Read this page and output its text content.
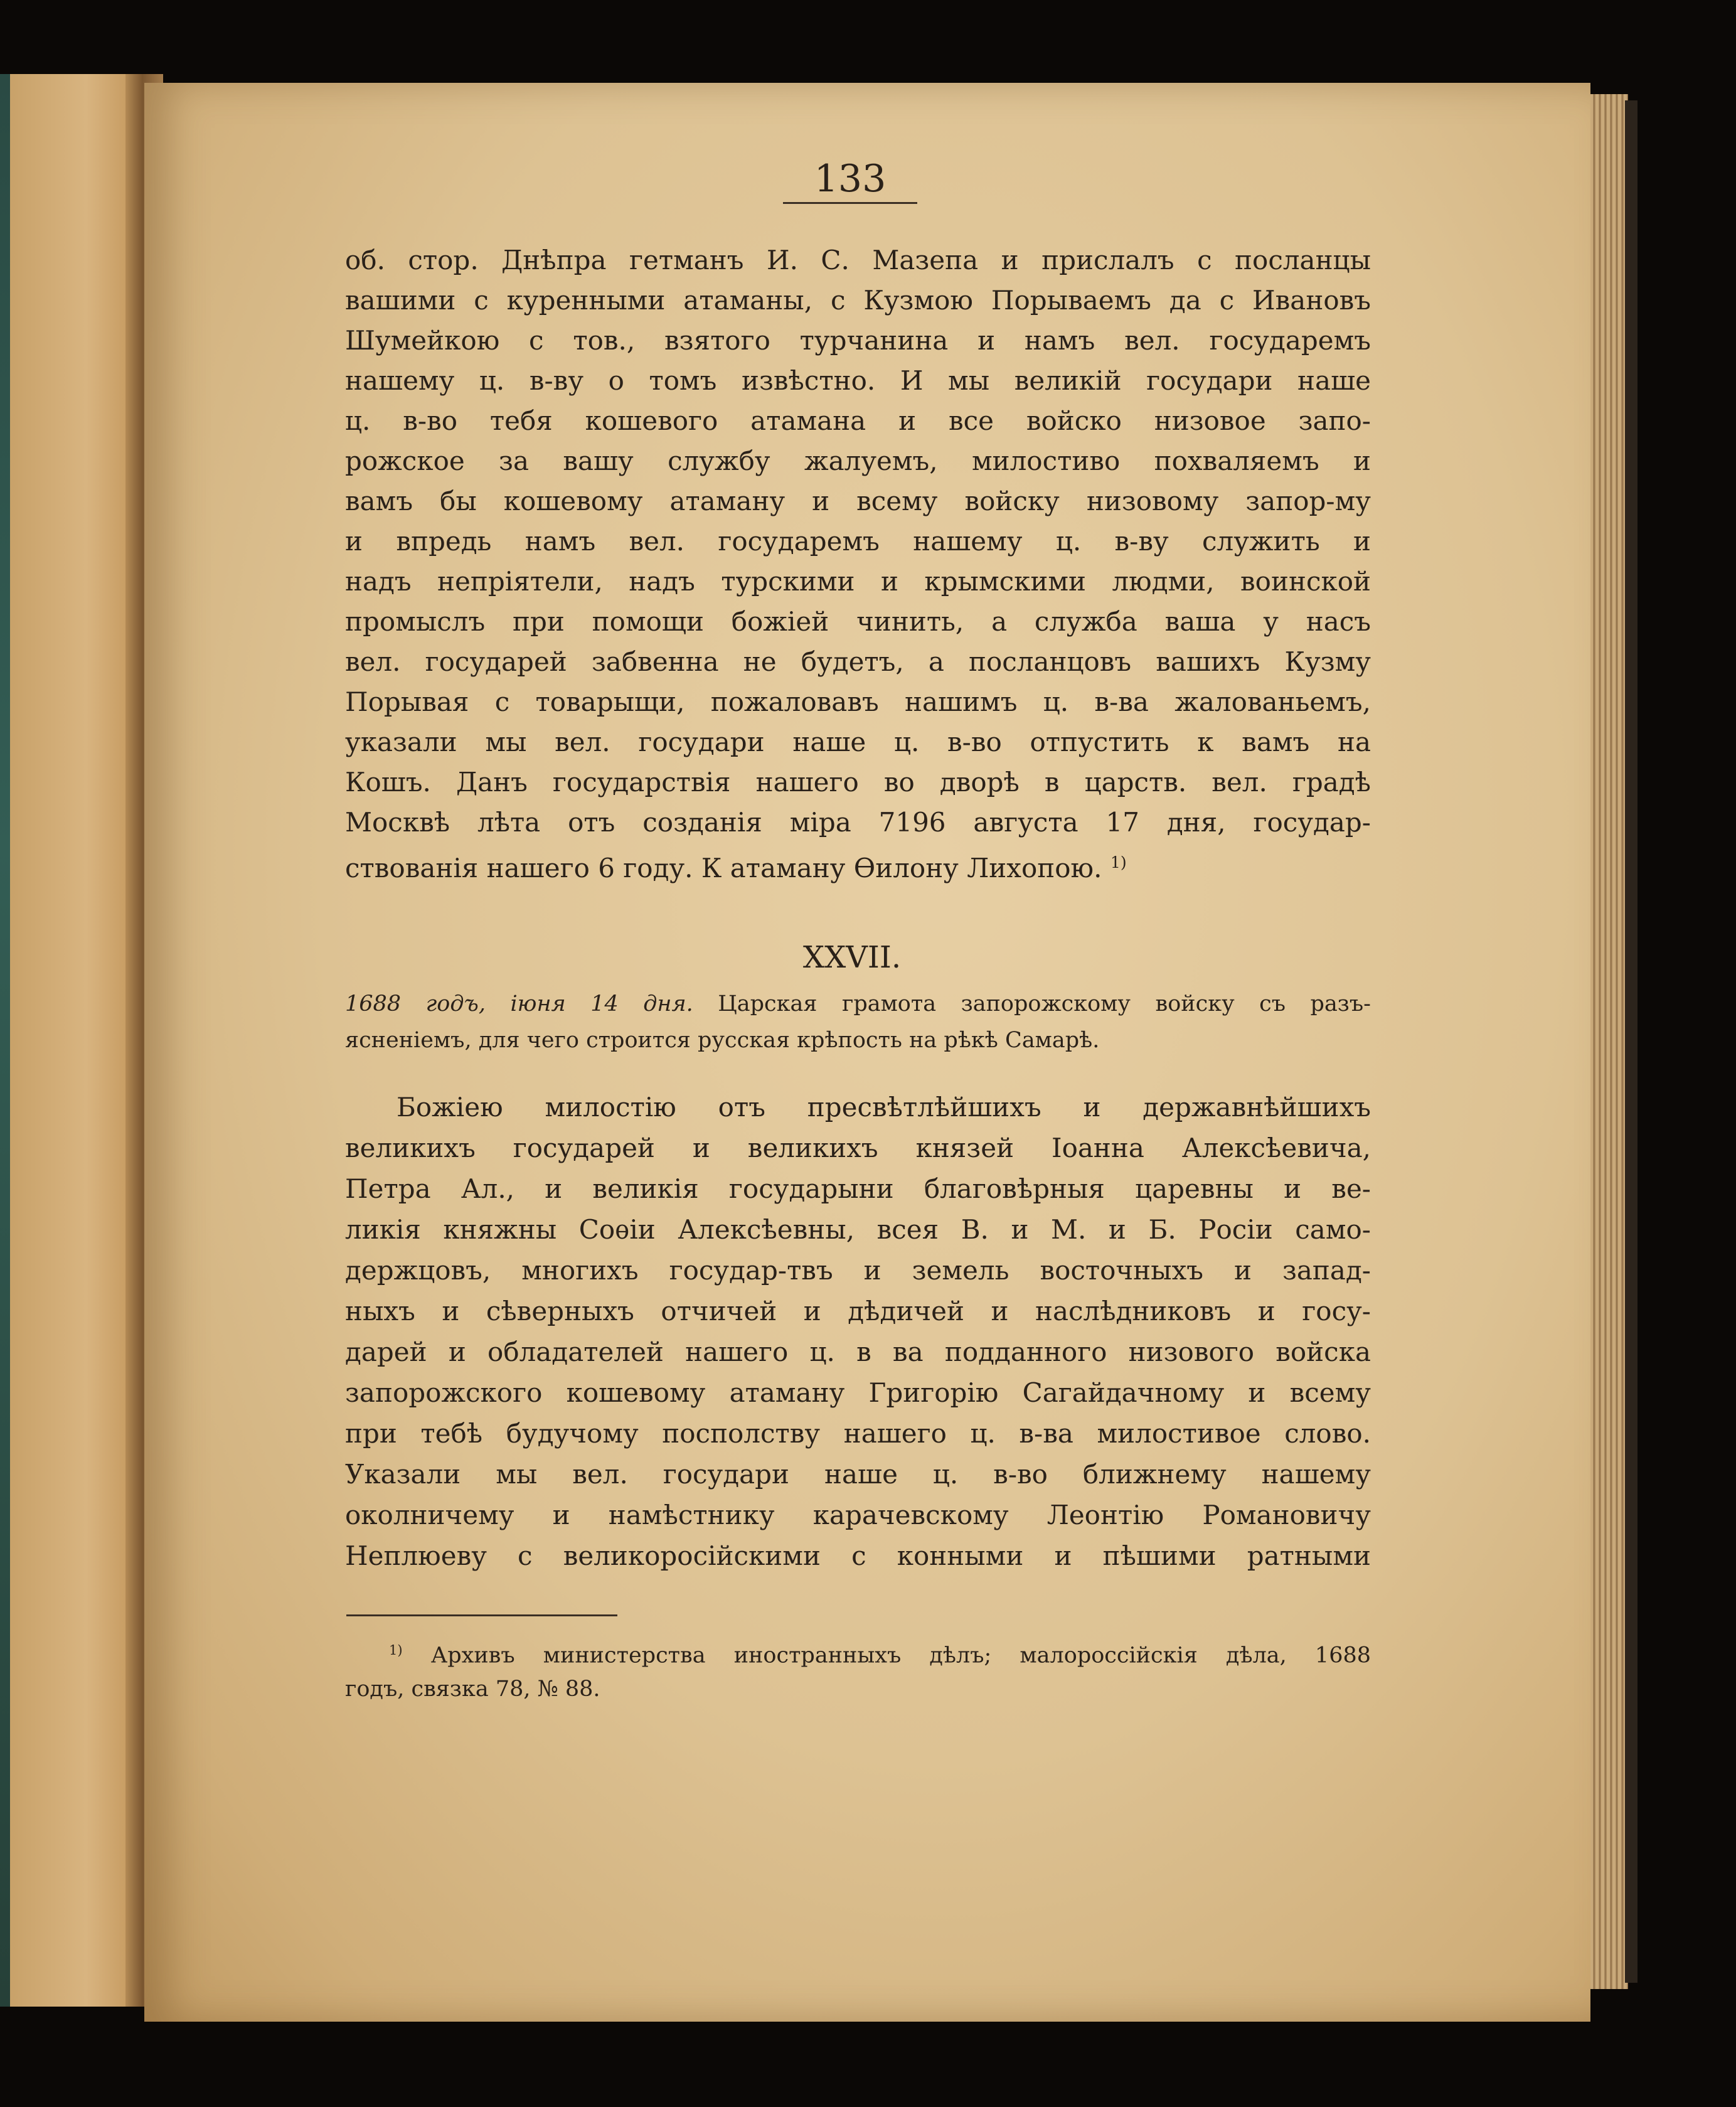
133
об. стор. Днѣпра гетманъ И. С. Мазепа и прислалъ с посланцы
вашими с куренными атаманы, с Кузмою Порываемъ да с Ивановъ
Шумейкою с тов., взятого турчанина и намъ вел. государемъ
нашему ц. в-ву о томъ извѣстно. И мы великій государи наше
ц. в-во тебя кошевого атамана и все войско низовое запо-
рожское за вашу службу жалуемъ, милостиво похваляемъ и
вамъ бы кошевому атаману и всему войску низовому запор-му
и впредь намъ вел. государемъ нашему ц. в-ву служить и
надъ непріятели, надъ турскими и крымскими людми, воинской
промыслъ при помощи божіей чинить, а служба ваша у насъ
вел. государей забвенна не будетъ, а посланцовъ вашихъ Кузму
Порывая с товарыщи, пожаловавъ нашимъ ц. в-ва жалованьемъ,
указали мы вел. государи наше ц. в-во отпустить к вамъ на
Кошъ. Данъ государствія нашего во дворѣ в царств. вел. градѣ
Москвѣ лѣта отъ созданія міра 7196 августа 17 дня, государ-
ствованія нашего 6 году. К атаману Ѳилону Лихопою. $^{1)}$
XXVII.
1688 годъ, іюня 14 дня. Царская грамота запорожскому войску съ разъ-
ясненіемъ, для чего строится русская крѣпость на рѣкѣ Самарѣ.
Божіею милостію отъ пресвѣтлѣйшихъ и державнѣйшихъ
великихъ государей и великихъ князей Іоанна Алексѣевича,
Петра Ал., и великія государыни благовѣрныя царевны и ве-
ликія княжны Соѳіи Алексѣевны, всея В. и М. и Б. Росіи само-
держцовъ, многихъ государ-твъ и земель восточныхъ и запад-
ныхъ и сѣверныхъ отчичей и дѣдичей и наслѣдниковъ и госу-
дарей и обладателей нашего ц. в ва подданного низового войска
запорожского кошевому атаману Григорію Сагайдачному и всему
при тебѣ будучому посполству нашего ц. в-ва милостивое слово.
Указали мы вел. государи наше ц. в-во ближнему нашему
околничему и намѣстнику карачевскому Леонтію Романовичу
Неплюеву с великоросійскими с конными и пѣшими ратными
$^{1)}$ Архивъ министерства иностранныхъ дѣлъ; малороссійскія дѣла, 1688
годъ, связка 78, № 88.
